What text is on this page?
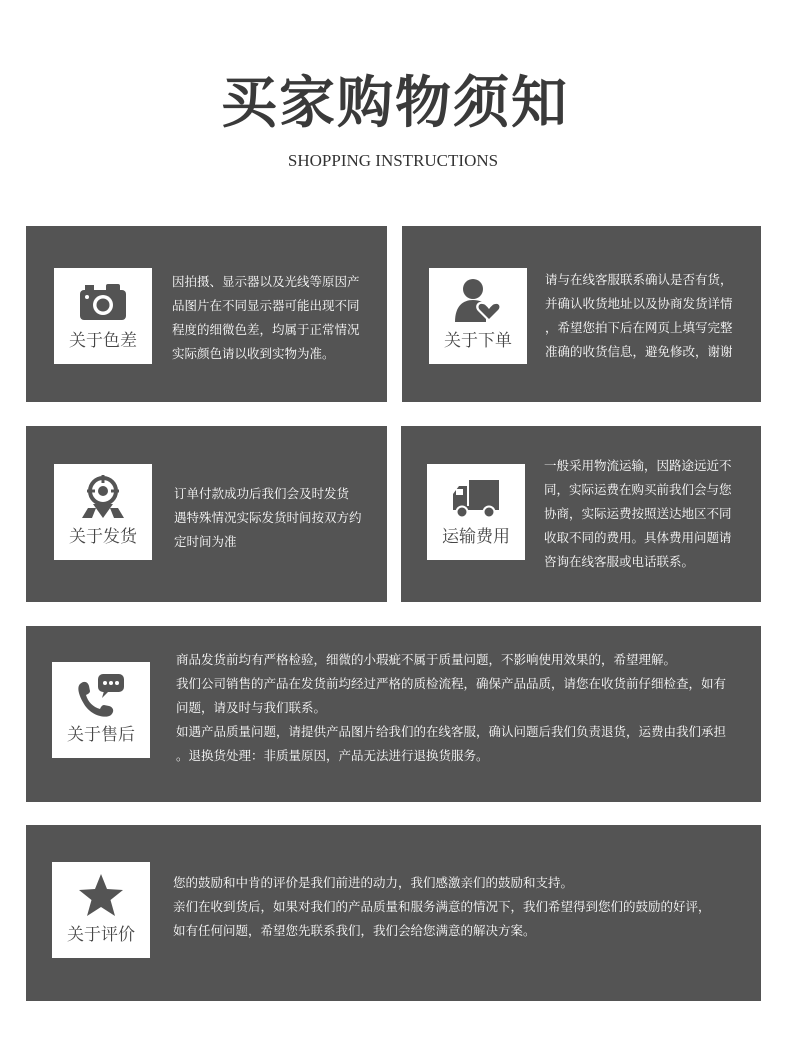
买家购物须知
SHOPPING INSTRUCTIONS
关于色差
因拍摄、显示器以及光线等原因产
品图片在不同显示器可能出现不同
程度的细微色差，均属于正常情况
实际颜色请以收到实物为准。
关于下单
请与在线客服联系确认是否有货，
并确认收货地址以及协商发货详情
，希望您拍下后在网页上填写完整
准确的收货信息，避免修改，谢谢
关于发货
订单付款成功后我们会及时发货
遇特殊情况实际发货时间按双方约
定时间为准	运输费用
一般采用物流运输，因路途远近不
同，实际运费在购买前我们会与您
协商，实际运费按照送达地区不同
收取不同的费用。具体费用问题请
咨询在线客服或电话联系。
关于售后
商品发货前均有严格检验，细微的小瑕疵不属于质量问题，不影响使用效果的，希望理解。
我们公司销售的产品在发货前均经过严格的质检流程，确保产品品质，请您在收货前仔细检查，如有
问题，请及时与我们联系。
如遇产品质量问题，请提供产品图片给我们的在线客服，确认问题后我们负责退货，运费由我们承担
。退换货处理：非质量原因，产品无法进行退换货服务。
关于评价
您的鼓励和中肯的评价是我们前进的动力，我们感激亲们的鼓励和支持。
亲们在收到货后，如果对我们的产品质量和服务满意的情况下，我们希望得到您们的鼓励的好评，
如有任何问题，希望您先联系我们，我们会给您满意的解决方案。
